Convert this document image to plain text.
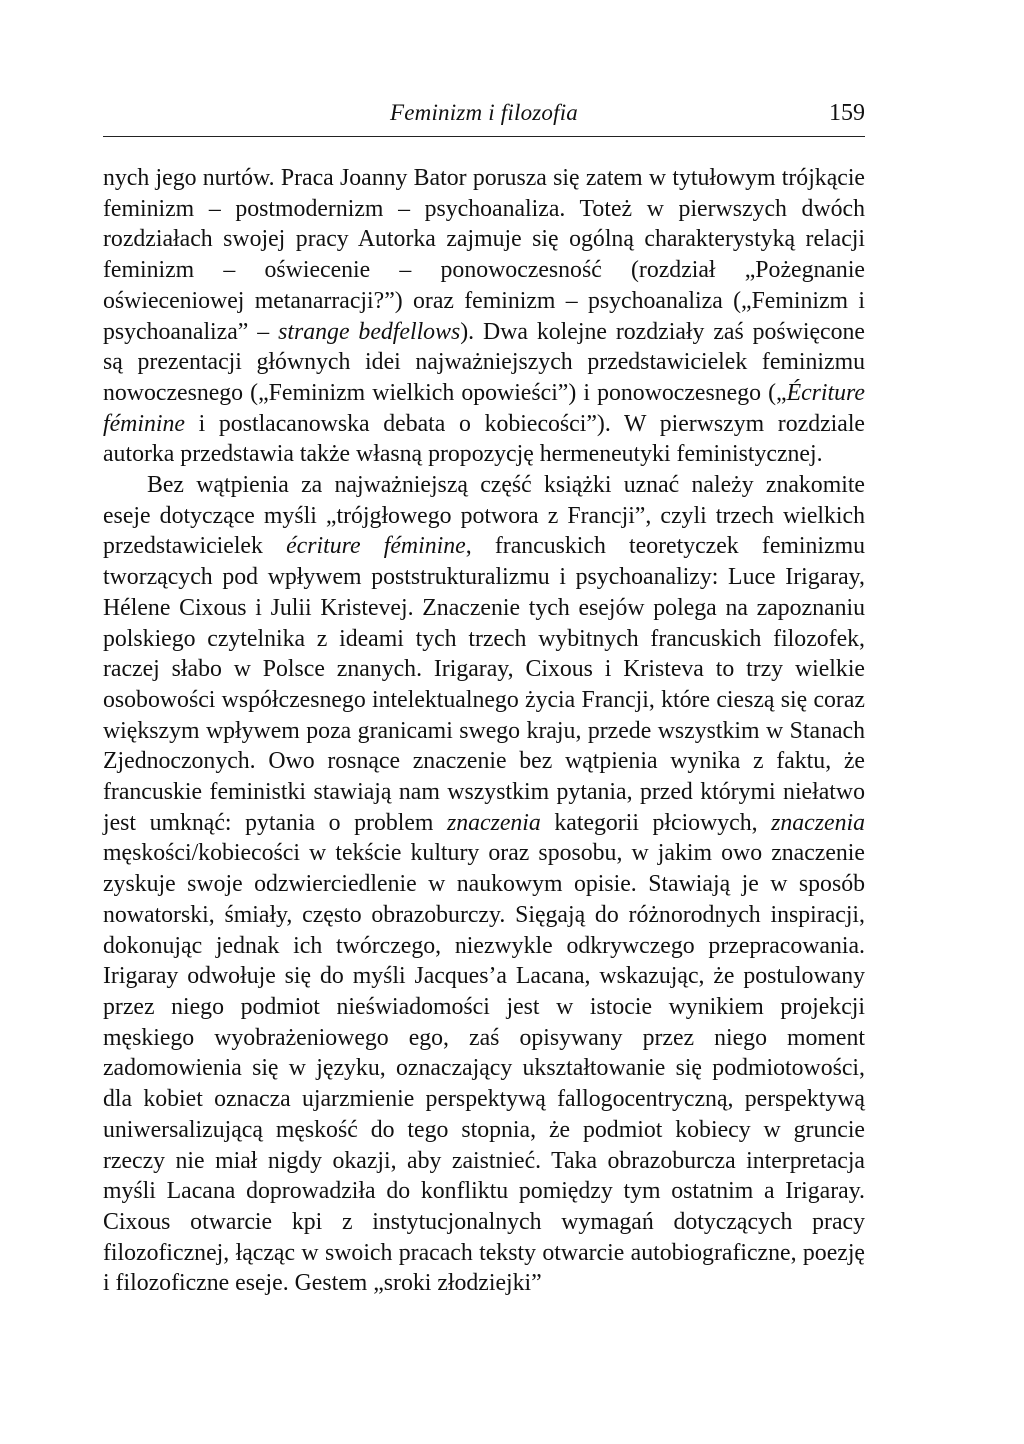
Feminizm i filozofia	159

nych jego nurtów. Praca Joanny Bator porusza się zatem w tytułowym trójkącie feminizm – postmodernizm – psychoanaliza. Toteż w pierwszych dwóch rozdziałach swojej pracy Autorka zajmuje się ogólną charakterystyką relacji feminizm – oświecenie – ponowoczesność (rozdział „Pożegnanie oświeceniowej metanarracji?”) oraz feminizm – psychoanaliza („Feminizm i psychoanaliza” – strange bedfellows). Dwa kolejne rozdziały zaś poświęcone są prezentacji głównych idei najważniejszych przedstawicielek feminizmu nowoczesnego („Feminizm wielkich opowieści”) i ponowoczesnego („Écriture féminine i postlacanowska debata o kobiecości”). W pierwszym rozdziale autorka przedstawia także własną propozycję hermeneutyki feministycznej.

Bez wątpienia za najważniejszą część książki uznać należy znakomite eseje dotyczące myśli „trójgłowego potwora z Francji”, czyli trzech wielkich przedstawicielek écriture féminine, francuskich teoretyczek feminizmu tworzących pod wpływem poststrukturalizmu i psychoanalizy: Luce Irigaray, Hélene Cixous i Julii Kristevej. Znaczenie tych esejów polega na zapoznaniu polskiego czytelnika z ideami tych trzech wybitnych francuskich filozofek, raczej słabo w Polsce znanych. Irigaray, Cixous i Kristeva to trzy wielkie osobowości współczesnego intelektualnego życia Francji, które cieszą się coraz większym wpływem poza granicami swego kraju, przede wszystkim w Stanach Zjednoczonych. Owo rosnące znaczenie bez wątpienia wynika z faktu, że francuskie feministki stawiają nam wszystkim pytania, przed którymi niełatwo jest umknąć: pytania o problem znaczenia kategorii płciowych, znaczenia męskości/kobiecości w tekście kultury oraz sposobu, w jakim owo znaczenie zyskuje swoje odzwierciedlenie w naukowym opisie. Stawiają je w sposób nowatorski, śmiały, często obrazoburczy. Sięgają do różnorodnych inspiracji, dokonując jednak ich twórczego, niezwykle odkrywczego przepracowania. Irigaray odwołuje się do myśli Jacques’a Lacana, wskazując, że postulowany przez niego podmiot nieświadomości jest w istocie wynikiem projekcji męskiego wyobrażeniowego ego, zaś opisywany przez niego moment zadomowienia się w języku, oznaczający ukształtowanie się podmiotowości, dla kobiet oznacza ujarzmienie perspektywą fallogocentryczną, perspektywą uniwersalizującą męskość do tego stopnia, że podmiot kobiecy w gruncie rzeczy nie miał nigdy okazji, aby zaistnieć. Taka obrazoburcza interpretacja myśli Lacana doprowadziła do konfliktu pomiędzy tym ostatnim a Irigaray. Cixous otwarcie kpi z instytucjonalnych wymagań dotyczących pracy filozoficznej, łącząc w swoich pracach teksty otwarcie autobiograficzne, poezję i filozoficzne eseje. Gestem „sroki złodziejki”
